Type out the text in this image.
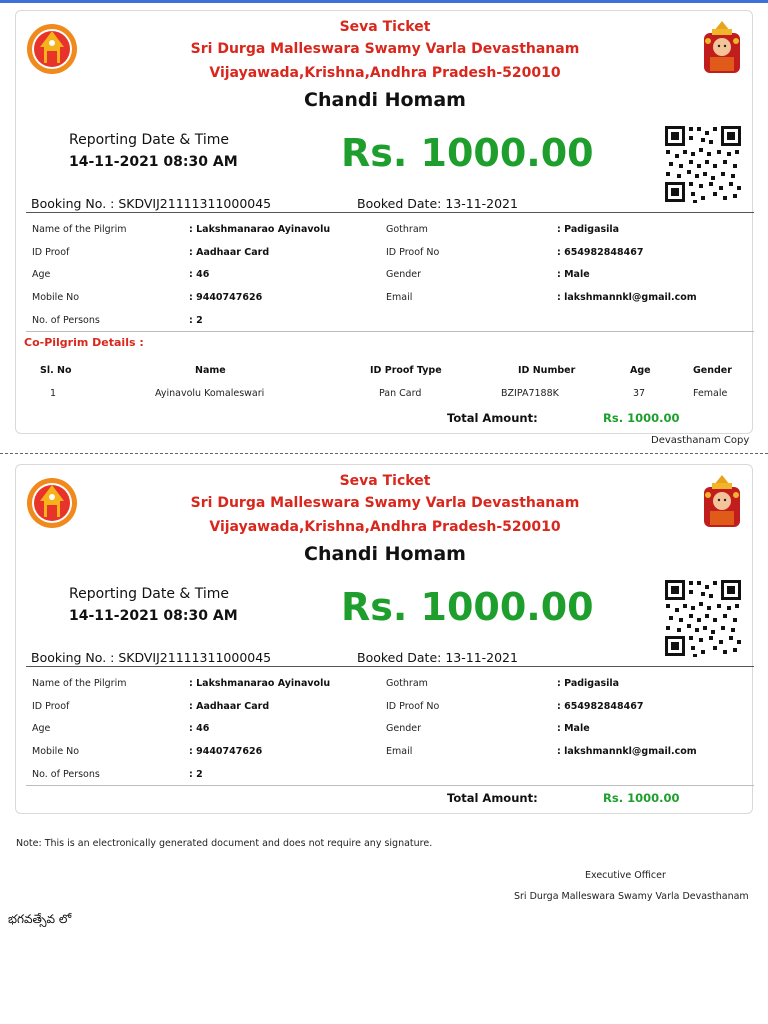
Seva Ticket
Sri Durga Malleswara Swamy Varla Devasthanam
Vijayawada,Krishna,Andhra Pradesh-520010
Chandi Homam
Reporting Date & Time
14-11-2021 08:30 AM	Rs. 1000.00
Booking No. : SKDVIJ21111311000045	Booked Date: 13-11-2021
Name of the Pilgrim	: Lakshmanarao Ayinavolu	Gothram	: Padigasila
ID Proof	: Aadhaar Card	ID Proof No	: 654982848467
Age	: 46	Gender	: Male
Mobile No	: 9440747626	Email	: lakshmannkl@gmail.com
No. of Persons	: 2
Co-Pilgrim Details :
Sl. No	Name	ID Proof Type	ID Number	Age	Gender
1	Ayinavolu Komaleswari	Pan Card	BZIPA7188K	37	Female
Total Amount:	Rs. 1000.00
Devasthanam Copy
Seva Ticket
Sri Durga Malleswara Swamy Varla Devasthanam
Vijayawada,Krishna,Andhra Pradesh-520010
Chandi Homam
Reporting Date & Time
14-11-2021 08:30 AM	Rs. 1000.00
Booking No. : SKDVIJ21111311000045	Booked Date: 13-11-2021
Name of the Pilgrim	: Lakshmanarao Ayinavolu	Gothram	: Padigasila
ID Proof	: Aadhaar Card	ID Proof No	: 654982848467
Age	: 46	Gender	: Male
Mobile No	: 9440747626	Email	: lakshmannkl@gmail.com
No. of Persons	: 2
Total Amount:	Rs. 1000.00
Note: This is an electronically generated document and does not require any signature.
Executive Officer
Sri Durga Malleswara Swamy Varla Devasthanam
భగవత్సేవ లో
